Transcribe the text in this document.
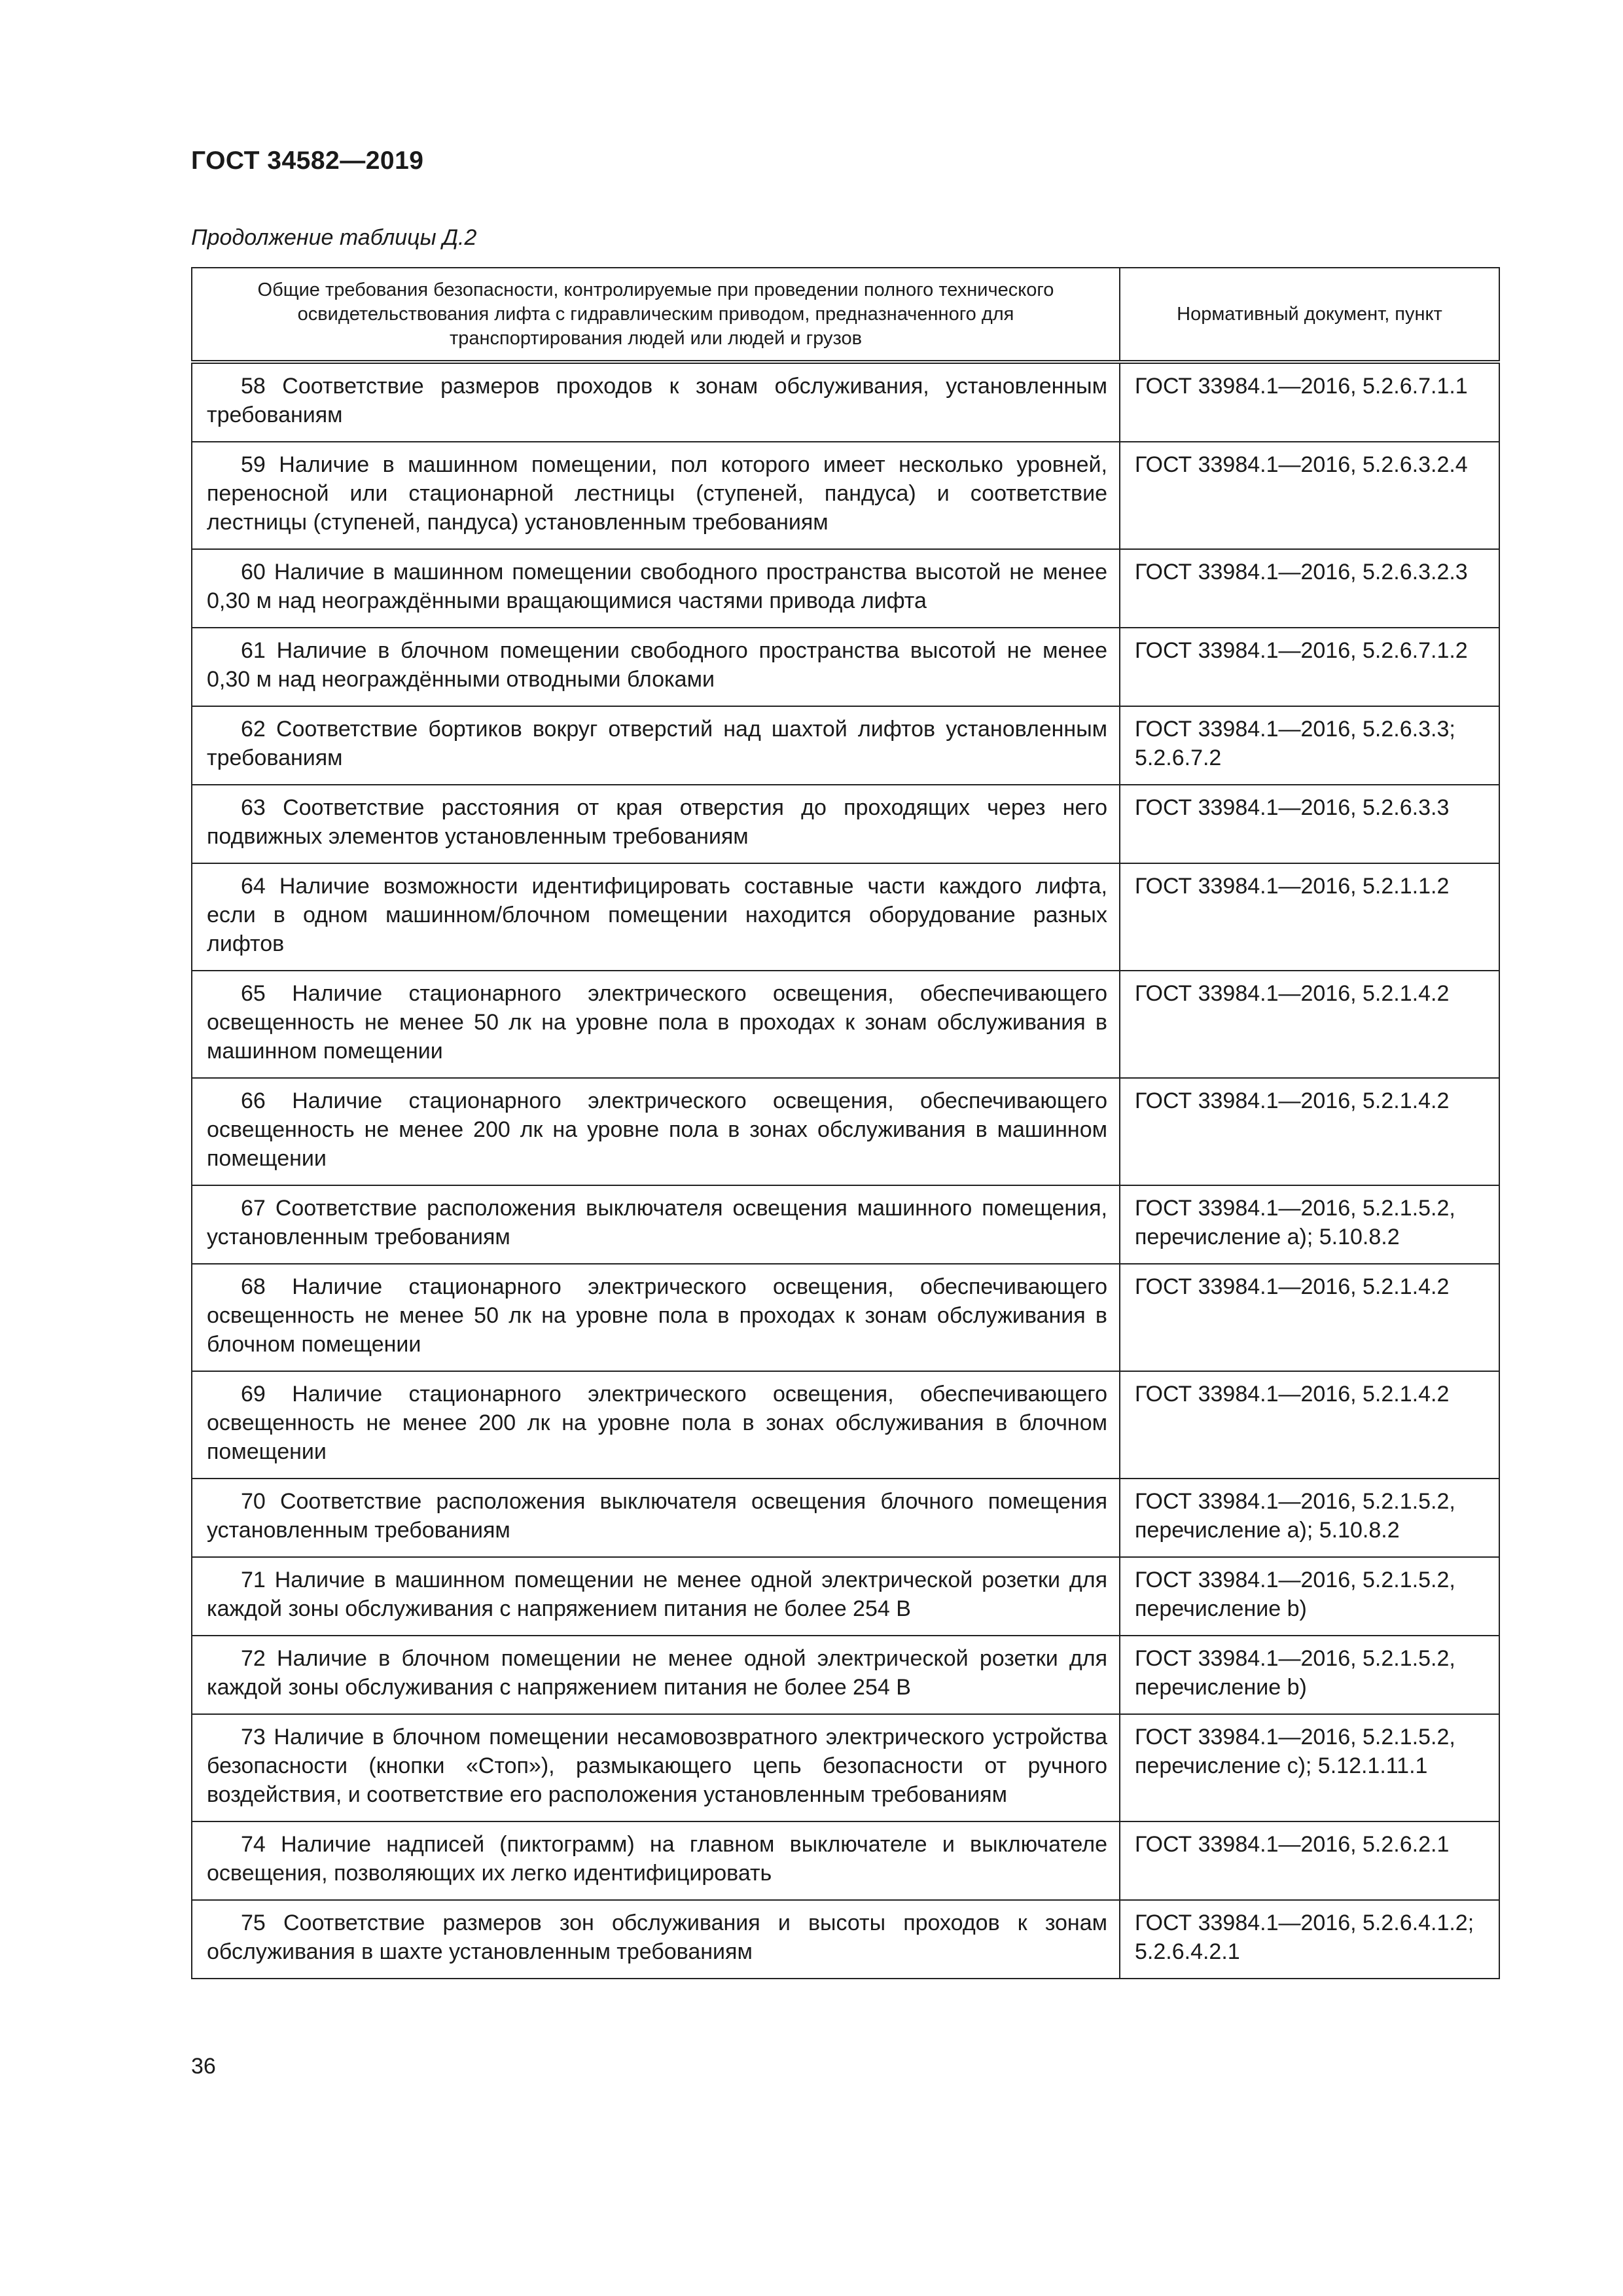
ГОСТ 34582—2019
Продолжение таблицы Д.2
Общие требования безопасности, контролируемые при проведении полного технического освидетельствования лифта с гидравлическим приводом, предназначенного для транспортирования людей или людей и грузов	Нормативный документ, пункт
58 Соответствие размеров проходов к зонам обслуживания, установленным требованиям	ГОСТ 33984.1—2016, 5.2.6.7.1.1
59 Наличие в машинном помещении, пол которого имеет несколько уровней, переносной или стационарной лестницы (ступеней, пандуса) и соответствие лестницы (ступеней, пандуса) установленным требованиям	ГОСТ 33984.1—2016, 5.2.6.3.2.4
60 Наличие в машинном помещении свободного пространства высотой не менее 0,30 м над неограждёнными вращающимися частями привода лифта	ГОСТ 33984.1—2016, 5.2.6.3.2.3
61 Наличие в блочном помещении свободного пространства высотой не менее 0,30 м над неограждёнными отводными блоками	ГОСТ 33984.1—2016, 5.2.6.7.1.2
62 Соответствие бортиков вокруг отверстий над шахтой лифтов установленным требованиям	ГОСТ 33984.1—2016, 5.2.6.3.3; 5.2.6.7.2
63 Соответствие расстояния от края отверстия до проходящих через него подвижных элементов установленным требованиям	ГОСТ 33984.1—2016, 5.2.6.3.3
64 Наличие возможности идентифицировать составные части каждого лифта, если в одном машинном/блочном помещении находится оборудование разных лифтов	ГОСТ 33984.1—2016, 5.2.1.1.2
65 Наличие стационарного электрического освещения, обеспечивающего освещенность не менее 50 лк на уровне пола в проходах к зонам обслуживания в машинном помещении	ГОСТ 33984.1—2016, 5.2.1.4.2
66 Наличие стационарного электрического освещения, обеспечивающего освещенность не менее 200 лк на уровне пола в зонах обслуживания в машинном помещении	ГОСТ 33984.1—2016, 5.2.1.4.2
67 Соответствие расположения выключателя освещения машинного помещения, установленным требованиям	ГОСТ 33984.1—2016, 5.2.1.5.2, перечисление а); 5.10.8.2
68 Наличие стационарного электрического освещения, обеспечивающего освещенность не менее 50 лк на уровне пола в проходах к зонам обслуживания в блочном помещении	ГОСТ 33984.1—2016, 5.2.1.4.2
69 Наличие стационарного электрического освещения, обеспечивающего освещенность не менее 200 лк на уровне пола в зонах обслуживания в блочном помещении	ГОСТ 33984.1—2016, 5.2.1.4.2
70 Соответствие расположения выключателя освещения блочного помещения установленным требованиям	ГОСТ 33984.1—2016, 5.2.1.5.2, перечисление а); 5.10.8.2
71 Наличие в машинном помещении не менее одной электрической розетки для каждой зоны обслуживания с напряжением питания не более 254 В	ГОСТ 33984.1—2016, 5.2.1.5.2, перечисление b)
72 Наличие в блочном помещении не менее одной электрической розетки для каждой зоны обслуживания с напряжением питания не более 254 В	ГОСТ 33984.1—2016, 5.2.1.5.2, перечисление b)
73 Наличие в блочном помещении несамовозвратного электрического устройства безопасности (кнопки «Стоп»), размыкающего цепь безопасности от ручного воздействия, и соответствие его расположения установленным требованиям	ГОСТ 33984.1—2016, 5.2.1.5.2, перечисление с); 5.12.1.11.1
74 Наличие надписей (пиктограмм) на главном выключателе и выключателе освещения, позволяющих их легко идентифицировать	ГОСТ 33984.1—2016, 5.2.6.2.1
75 Соответствие размеров зон обслуживания и высоты проходов к зонам обслуживания в шахте установленным требованиям	ГОСТ 33984.1—2016, 5.2.6.4.1.2; 5.2.6.4.2.1
36
